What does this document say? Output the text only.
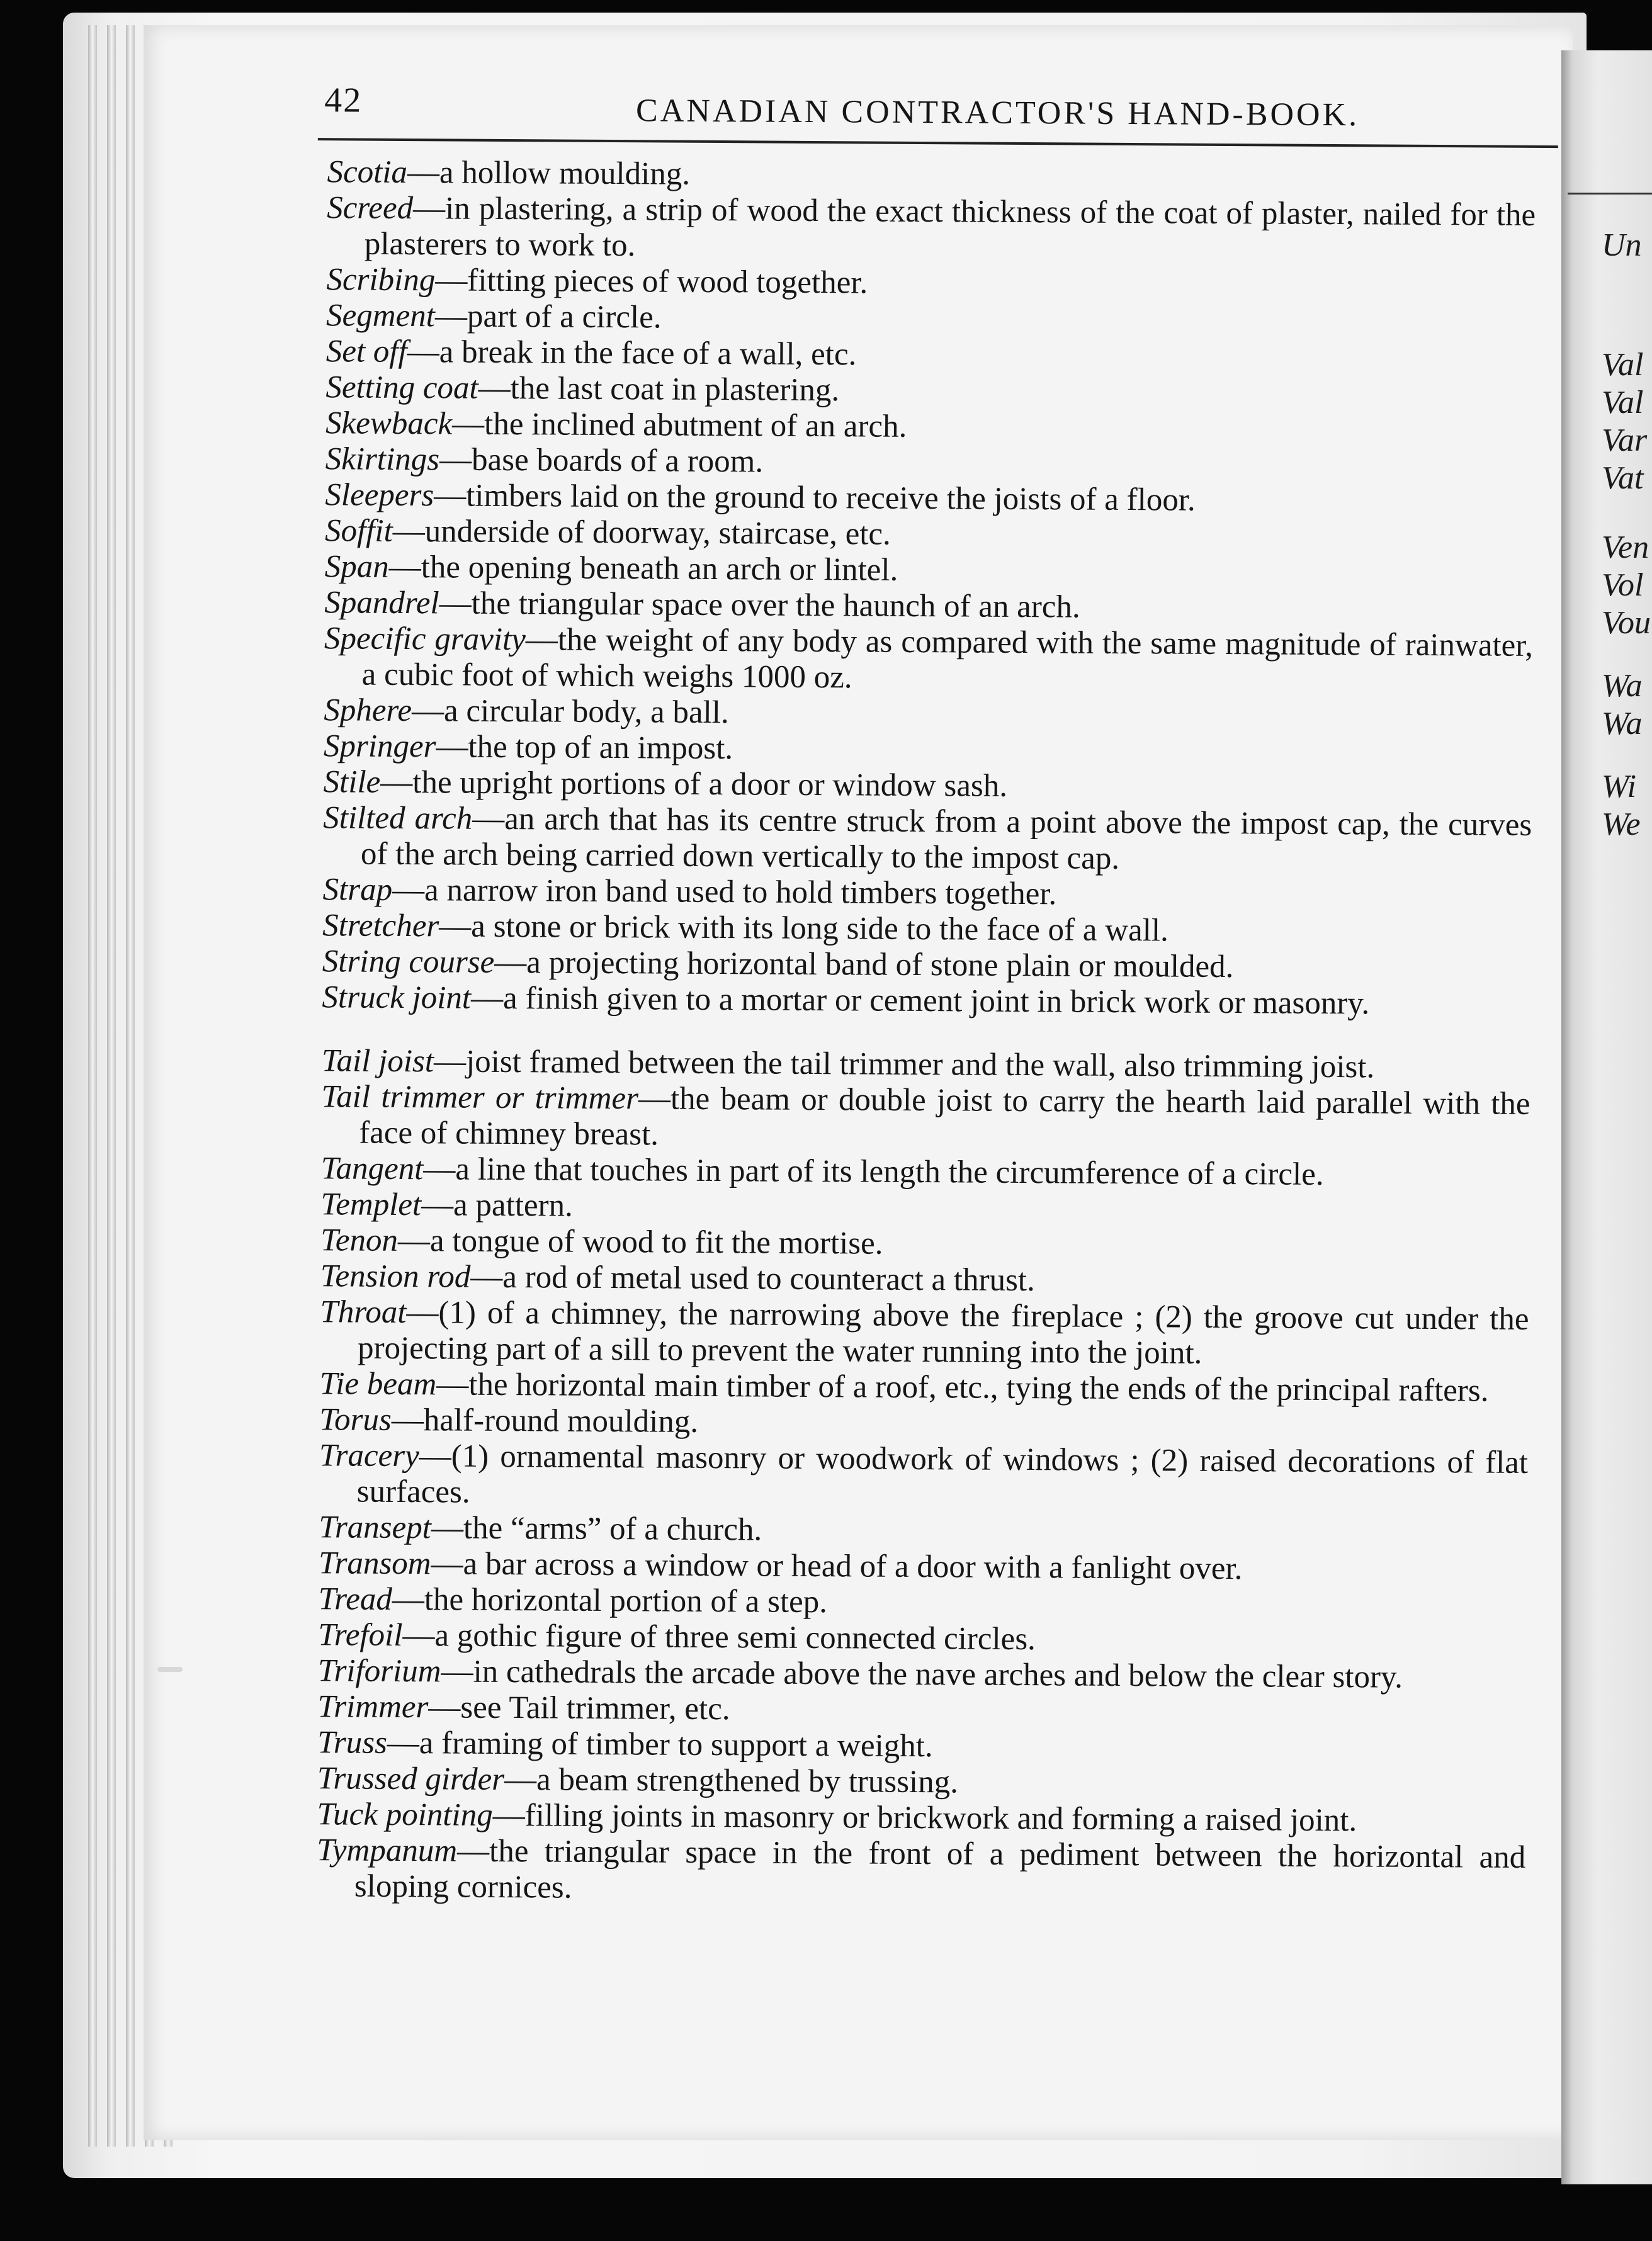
Un
Val
Val
Var
Vat
Ven
Vol
Vou
Wa
Wa
Wi
We
42	CANADIAN CONTRACTOR'S HAND-BOOK.

Scotia—a hollow moulding.

Screed—in plastering, a strip of wood the exact thickness of the coat of plaster, nailed for the plasterers to work to.

Scribing—fitting pieces of wood together.

Segment—part of a circle.

Set off—a break in the face of a wall, etc.

Setting coat—the last coat in plastering.

Skewback—the inclined abutment of an arch.

Skirtings—base boards of a room.

Sleepers—timbers laid on the ground to receive the joists of a floor.

Soffit—underside of doorway, staircase, etc.

Span—the opening beneath an arch or lintel.

Spandrel—the triangular space over the haunch of an arch.

Specific gravity—the weight of any body as compared with the same magnitude of rainwater, a cubic foot of which weighs 1000 oz.

Sphere—a circular body, a ball.

Springer—the top of an impost.

Stile—the upright portions of a door or window sash.

Stilted arch—an arch that has its centre struck from a point above the impost cap, the curves of the arch being carried down vertically to the impost cap.

Strap—a narrow iron band used to hold timbers together.

Stretcher—a stone or brick with its long side to the face of a wall.

String course—a projecting horizontal band of stone plain or moulded.

Struck joint—a finish given to a mortar or cement joint in brick work or masonry.

Tail joist—joist framed between the tail trimmer and the wall, also trimming joist.

Tail trimmer or trimmer—the beam or double joist to carry the hearth laid parallel with the face of chimney breast.

Tangent—a line that touches in part of its length the circumference of a circle.

Templet—a pattern.

Tenon—a tongue of wood to fit the mortise.

Tension rod—a rod of metal used to counteract a thrust.

Throat—(1) of a chimney, the narrowing above the fireplace ; (2) the groove cut under the projecting part of a sill to prevent the water running into the joint.

Tie beam—the horizontal main timber of a roof, etc., tying the ends of the principal rafters.

Torus—half-round moulding.

Tracery—(1) ornamental masonry or woodwork of windows ; (2) raised decorations of flat surfaces.

Transept—the “arms” of a church.

Transom—a bar across a window or head of a door with a fanlight over.

Tread—the horizontal portion of a step.

Trefoil—a gothic figure of three semi connected circles.

Triforium—in cathedrals the arcade above the nave arches and below the clear story.

Trimmer—see Tail trimmer, etc.

Truss—a framing of timber to support a weight.

Trussed girder—a beam strengthened by trussing.

Tuck pointing—filling joints in masonry or brickwork and forming a raised joint.

Tympanum—the triangular space in the front of a pediment between the horizontal and sloping cornices.
